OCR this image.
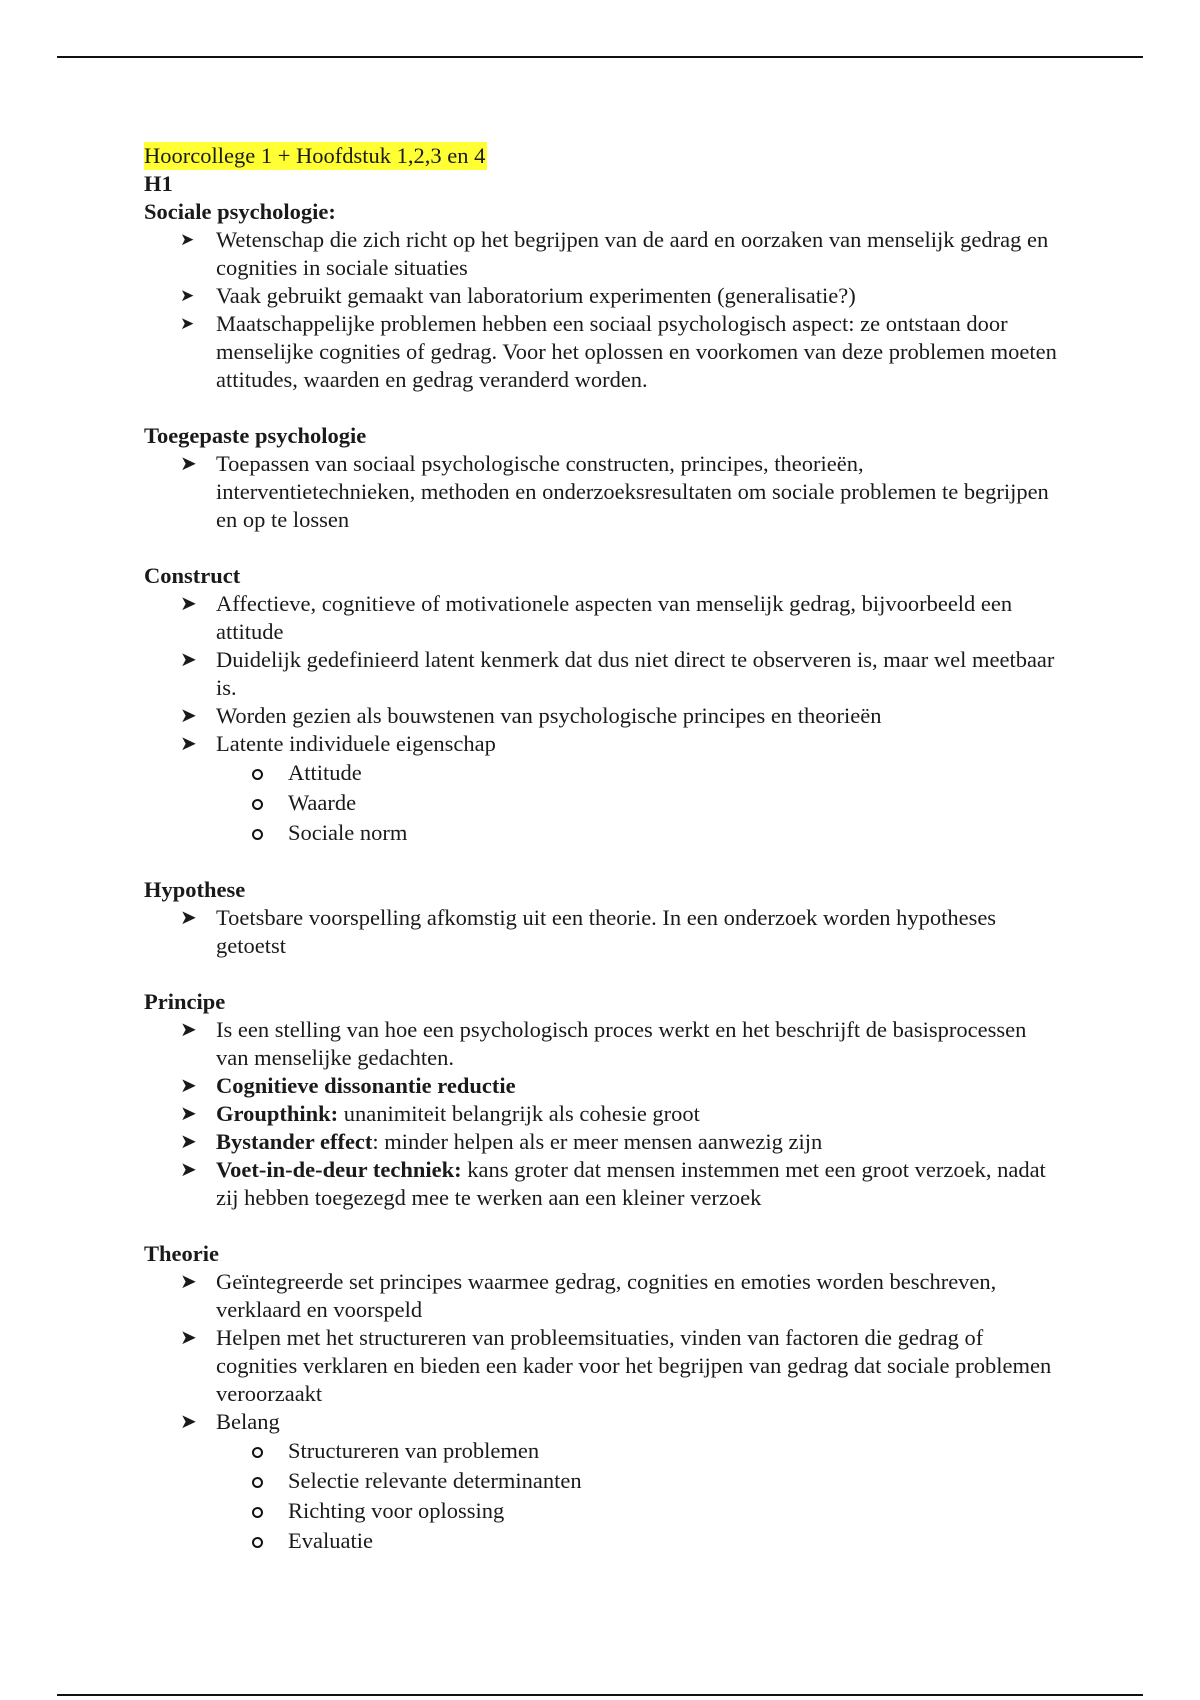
Hoorcollege 1 + Hoofdstuk 1,2,3 en 4
H1
Sociale psychologie:
➤ Wetenschap die zich richt op het begrijpen van de aard en oorzaken van menselijk gedrag en cognities in sociale situaties
➤ Vaak gebruikt gemaakt van laboratorium experimenten (generalisatie?)
➤ Maatschappelijke problemen hebben een sociaal psychologisch aspect: ze ontstaan door menselijke cognities of gedrag. Voor het oplossen en voorkomen van deze problemen moeten attitudes, waarden en gedrag veranderd worden.
Toegepaste psychologie
➤ Toepassen van sociaal psychologische constructen, principes, theorieën, interventietechnieken, methoden en onderzoeksresultaten om sociale problemen te begrijpen en op te lossen
Construct
➤ Affectieve, cognitieve of motivationele aspecten van menselijk gedrag, bijvoorbeeld een attitude
➤ Duidelijk gedefinieerd latent kenmerk dat dus niet direct te observeren is, maar wel meetbaar is.
➤ Worden gezien als bouwstenen van psychologische principes en theorieën
➤ Latente individuele eigenschap
Attitude
Waarde
Sociale norm
Hypothese
➤ Toetsbare voorspelling afkomstig uit een theorie. In een onderzoek worden hypotheses getoetst
Principe
➤ Is een stelling van hoe een psychologisch proces werkt en het beschrijft de basisprocessen van menselijke gedachten.
➤ Cognitieve dissonantie reductie
➤ Groupthink: unanimiteit belangrijk als cohesie groot
➤ Bystander effect: minder helpen als er meer mensen aanwezig zijn
➤ Voet-in-de-deur techniek: kans groter dat mensen instemmen met een groot verzoek, nadat zij hebben toegezegd mee te werken aan een kleiner verzoek
Theorie
➤ Geïntegreerde set principes waarmee gedrag, cognities en emoties worden beschreven, verklaard en voorspeld
➤ Helpen met het structureren van probleemsituaties, vinden van factoren die gedrag of cognities verklaren en bieden een kader voor het begrijpen van gedrag dat sociale problemen veroorzaakt
➤ Belang
Structureren van problemen
Selectie relevante determinanten
Richting voor oplossing
Evaluatie
